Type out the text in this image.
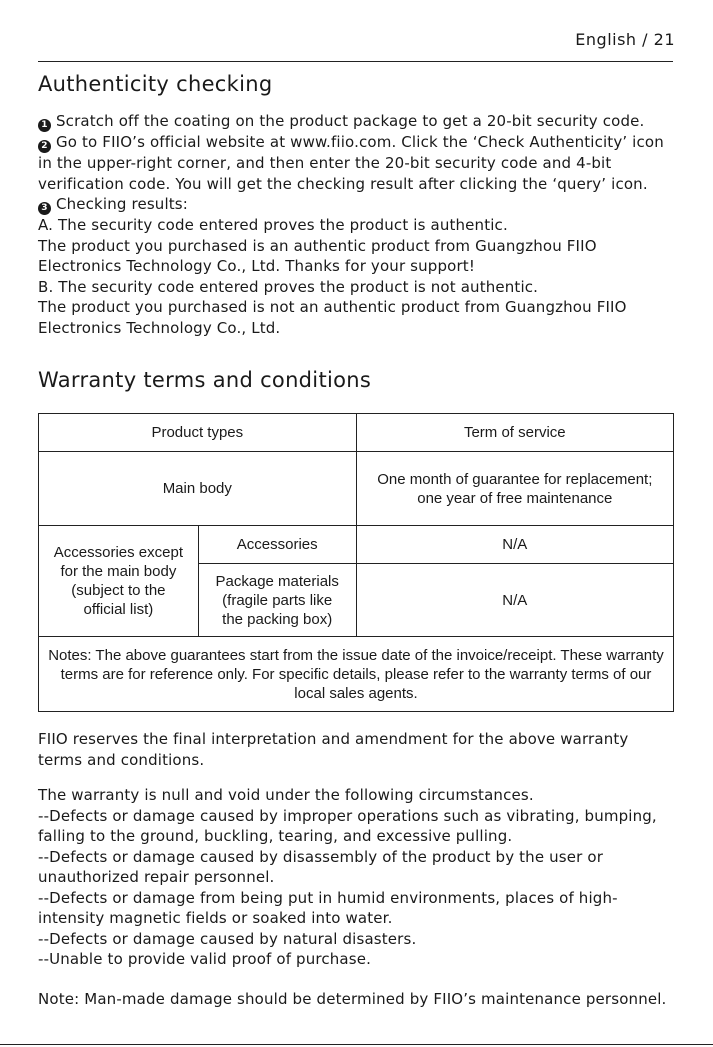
English / 21
Authenticity checking

1 Scratch off the coating on the product package to get a 20-bit security code.

2 Go to FIIO’s official website at www.fiio.com. Click the ‘Check Authenticity’ icon in the upper-right corner, and then enter the 20-bit security code and 4-bit verification code. You will get the checking result after clicking the ‘query’ icon.

3 Checking results:

A. The security code entered proves the product is authentic.

The product you purchased is an authentic product from Guangzhou FIIO Electronics Technology Co., Ltd. Thanks for your support!

B. The security code entered proves the product is not authentic.

The product you purchased is not an authentic product from Guangzhou FIIO Electronics Technology Co., Ltd.

Warranty terms and conditions
Product types		Term of service
Main body		One month of guarantee for replacement;
one year of free maintenance

Accessories except
for the main body
(subject to the
official list)	Accessories	N/A

	Package materials
(fragile parts like
the packing box)	N/A
Notes: The above guarantees start from the issue date of the invoice/receipt. These warranty terms are for reference only. For specific details, please refer to the warranty terms of our local sales agents.		
FIIO reserves the final interpretation and amendment for the above warranty terms and conditions.

The warranty is null and void under the following circumstances.

--Defects or damage caused by improper operations such as vibrating, bumping, falling to the ground, buckling, tearing, and excessive pulling.

--Defects or damage caused by disassembly of the product by the user or unauthorized repair personnel.

--Defects or damage from being put in humid environments, places of high-intensity magnetic fields or soaked into water.

--Defects or damage caused by natural disasters.

--Unable to provide valid proof of purchase.

Note: Man-made damage should be determined by FIIO’s maintenance personnel.
